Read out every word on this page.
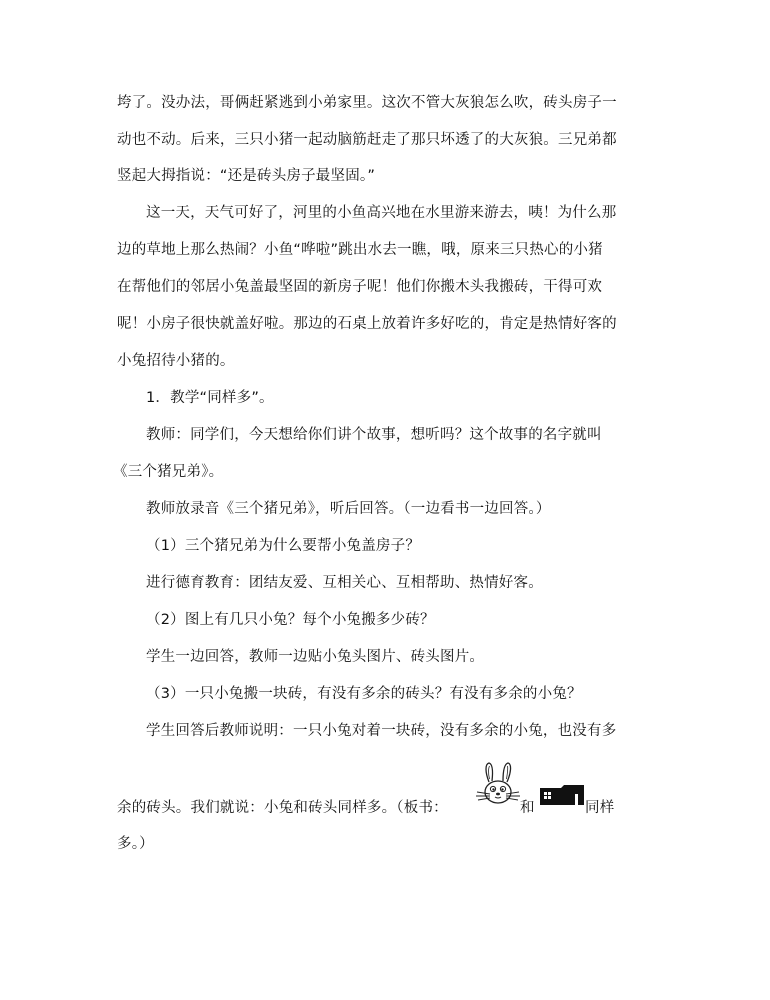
垮了。没办法，哥俩赶紧逃到小弟家里。这次不管大灰狼怎么吹，砖头房子一
动也不动。后来，三只小猪一起动脑筋赶走了那只坏透了的大灰狼。三兄弟都
竖起大拇指说：“还是砖头房子最坚固。”
这一天，天气可好了，河里的小鱼高兴地在水里游来游去，咦！为什么那
边的草地上那么热闹？小鱼“哗啦”跳出水去一瞧，哦，原来三只热心的小猪
在帮他们的邻居小兔盖最坚固的新房子呢！他们你搬木头我搬砖，干得可欢
呢！小房子很快就盖好啦。那边的石桌上放着许多好吃的，肯定是热情好客的
小兔招待小猪的。
1．教学“同样多”。
教师：同学们，今天想给你们讲个故事，想听吗？这个故事的名字就叫
《三个猪兄弟》。
教师放录音《三个猪兄弟》，听后回答。（一边看书一边回答。）
（1）三个猪兄弟为什么要帮小兔盖房子？
进行德育教育：团结友爱、互相关心、互相帮助、热情好客。
（2）图上有几只小兔？每个小兔搬多少砖？
学生一边回答，教师一边贴小兔头图片、砖头图片。
（3）一只小兔搬一块砖，有没有多余的砖头？有没有多余的小兔？
学生回答后教师说明：一只小兔对着一块砖，没有多余的小兔，也没有多
余的砖头。我们就说：小兔和砖头同样多。（板书：	和	同样
多。）
